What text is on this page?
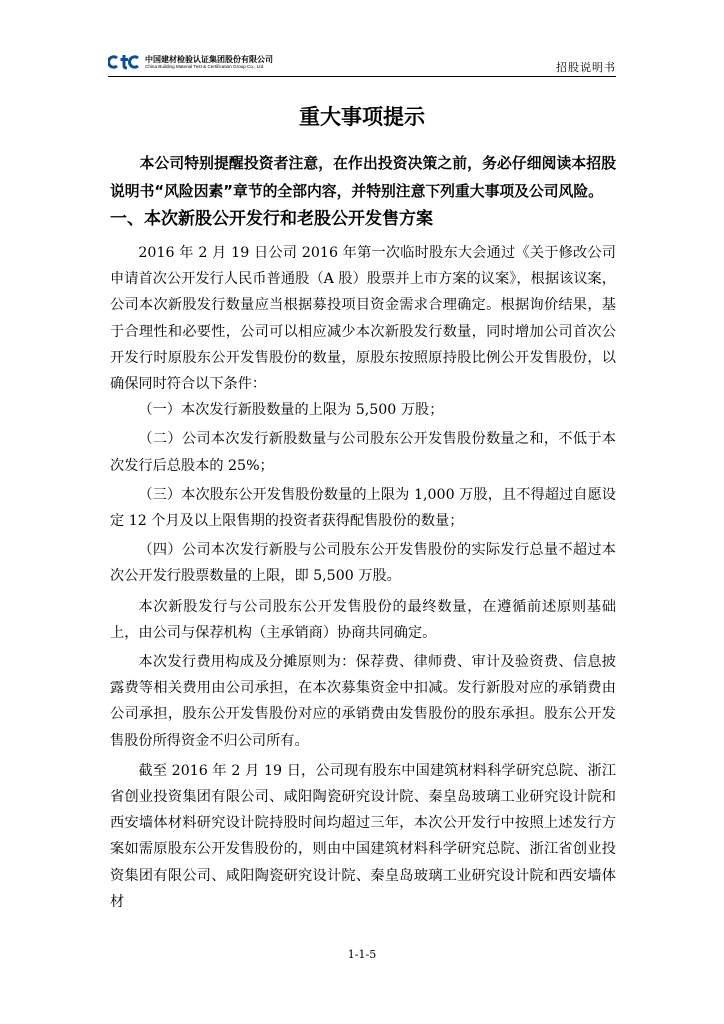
中国建材检验认证集团股份有限公司
China Building Material Test & Certification Group Co., Ltd.	招股说明书
重大事项提示
本公司特别提醒投资者注意，在作出投资决策之前，务必仔细阅读本招股说明书“风险因素”章节的全部内容，并特别注意下列重大事项及公司风险。
一、本次新股公开发行和老股公开发售方案

2016 年 2 月 19 日公司 2016 年第一次临时股东大会通过《关于修改公司申请首次公开发行人民币普通股（A 股）股票并上市方案的议案》，根据该议案，公司本次新股发行数量应当根据募投项目资金需求合理确定。根据询价结果，基于合理性和必要性，公司可以相应减少本次新股发行数量，同时增加公司首次公开发行时原股东公开发售股份的数量，原股东按照原持股比例公开发售股份，以确保同时符合以下条件：

（一）本次发行新股数量的上限为 5,500 万股；

（二）公司本次发行新股数量与公司股东公开发售股份数量之和，不低于本次发行后总股本的 25%；

（三）本次股东公开发售股份数量的上限为 1,000 万股，且不得超过自愿设定 12 个月及以上限售期的投资者获得配售股份的数量；

（四）公司本次发行新股与公司股东公开发售股份的实际发行总量不超过本次公开发行股票数量的上限，即 5,500 万股。

本次新股发行与公司股东公开发售股份的最终数量，在遵循前述原则基础上，由公司与保荐机构（主承销商）协商共同确定。

本次发行费用构成及分摊原则为：保荐费、律师费、审计及验资费、信息披露费等相关费用由公司承担，在本次募集资金中扣减。发行新股对应的承销费由公司承担，股东公开发售股份对应的承销费由发售股份的股东承担。股东公开发售股份所得资金不归公司所有。

截至 2016 年 2 月 19 日，公司现有股东中国建筑材料科学研究总院、浙江省创业投资集团有限公司、咸阳陶瓷研究设计院、秦皇岛玻璃工业研究设计院和西安墙体材料研究设计院持股时间均超过三年，本次公开发行中按照上述发行方案如需原股东公开发售股份的，则由中国建筑材料科学研究总院、浙江省创业投资集团有限公司、咸阳陶瓷研究设计院、秦皇岛玻璃工业研究设计院和西安墙体材

1-1-5
